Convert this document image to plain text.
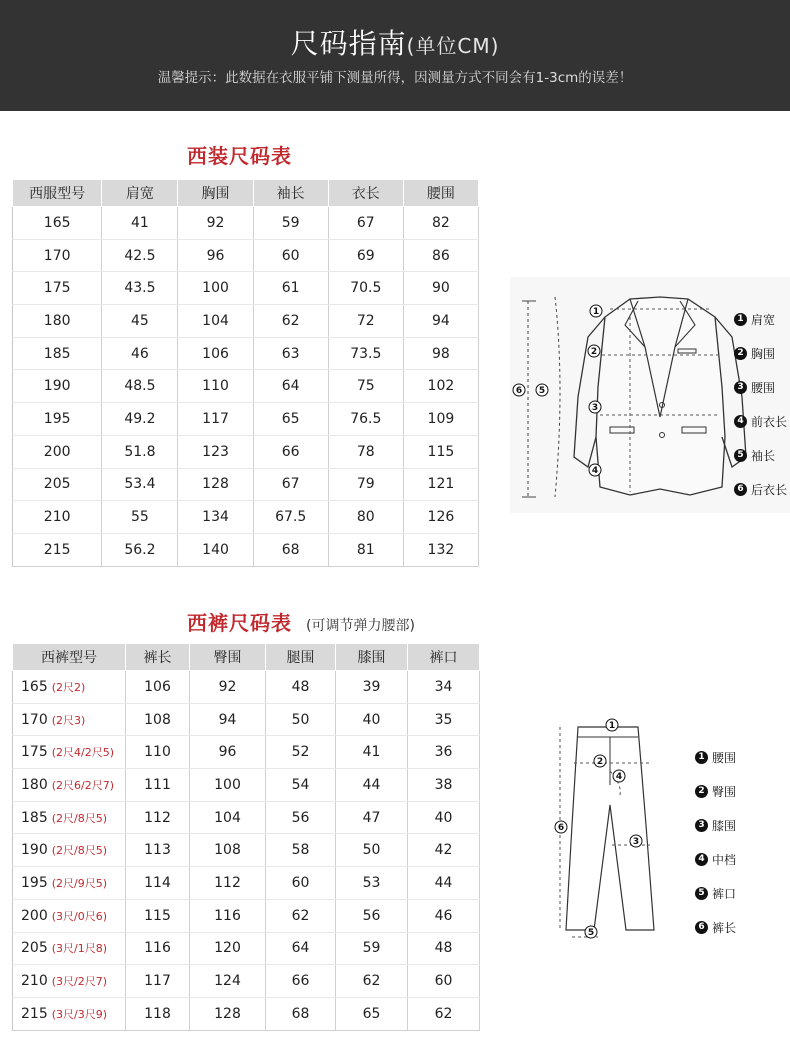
尺码指南(单位CM)
温馨提示：此数据在衣服平铺下测量所得，因测量方式不同会有1-3cm的误差！
西装尺码表
西服型号	肩宽	胸围	袖长	衣长	腰围
165	41	92	59	67	82
170	42.5	96	60	69	86
175	43.5	100	61	70.5	90
180	45	104	62	72	94
185	46	106	63	73.5	98
190	48.5	110	64	75	102
195	49.2	117	65	76.5	109
200	51.8	123	66	78	115
205	53.4	128	67	79	121
210	55	134	67.5	80	126
215	56.2	140	68	81	132
1
2
3
4
5
6
1 肩宽
2 胸围
3 腰围
4 前衣长
5 袖长
6 后衣长
西裤尺码表 (可调节弹力腰部)
西裤型号	裤长	臀围	腿围	膝围	裤口
165 (2尺2)	106	92	48	39	34
170 (2尺3)	108	94	50	40	35
175 (2尺4/2尺5)	110	96	52	41	36
180 (2尺6/2尺7)	111	100	54	44	38
185 (2尺/8尺5)	112	104	56	47	40
190 (2尺/8尺5)	113	108	58	50	42
195 (2尺/9尺5)	114	112	60	53	44
200 (3尺/0尺6)	115	116	62	56	46
205 (3尺/1尺8)	116	120	64	59	48
210 (3尺/2尺7)	117	124	66	62	60
215 (3尺/3尺9)	118	128	68	65	62
1
2
3
4
5
6
1 腰围
2 臀围
3 膝围
4 中档
5 裤口
6 裤长
